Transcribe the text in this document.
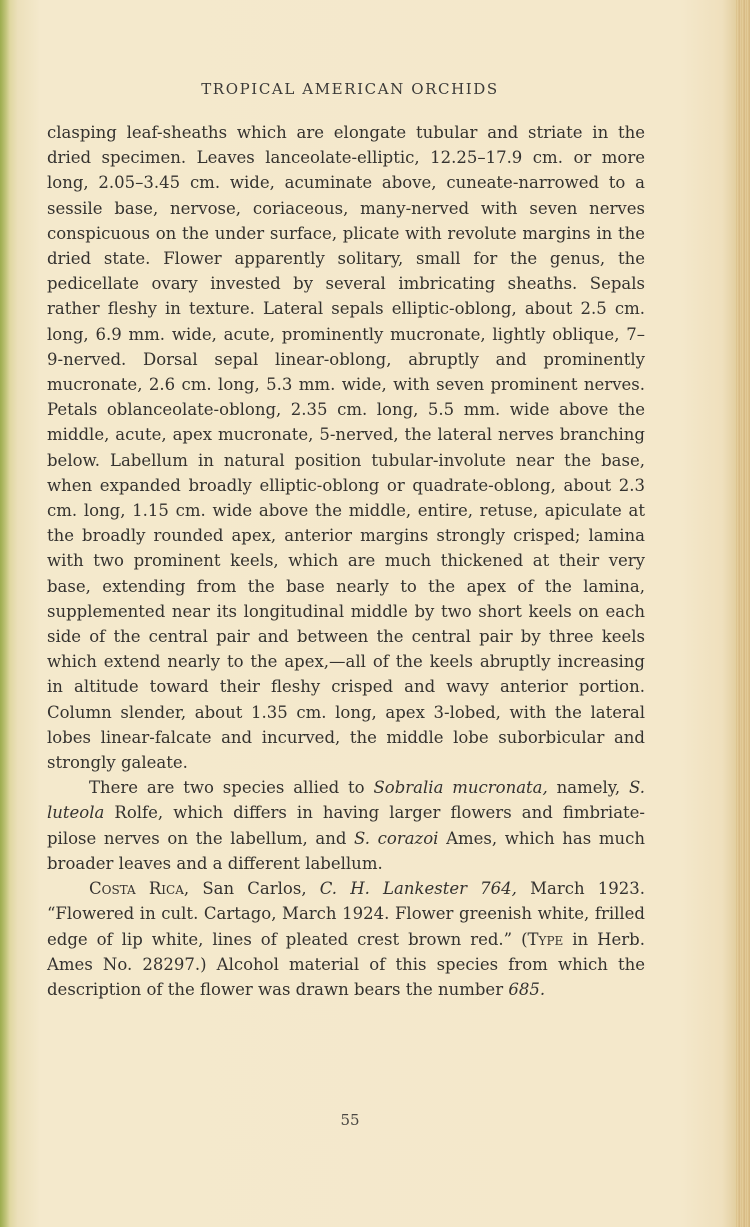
TROPICAL AMERICAN ORCHIDS

clasping leaf-sheaths which are elongate tubular and striate in the dried specimen. Leaves lanceolate-elliptic, 12.25–17.9 cm. or more long, 2.05–3.45 cm. wide, acuminate above, cuneate-narrowed to a sessile base, nervose, coriaceous, many-nerved with seven nerves conspicuous on the under surface, plicate with revolute margins in the dried state. Flower apparently solitary, small for the genus, the pedicellate ovary invested by several imbricating sheaths. Sepals rather fleshy in texture. Lateral sepals elliptic-oblong, about 2.5 cm. long, 6.9 mm. wide, acute, prominently mucronate, lightly oblique, 7–9-nerved. Dorsal sepal linear-oblong, abruptly and prominently mucronate, 2.6 cm. long, 5.3 mm. wide, with seven prominent nerves. Petals oblanceolate-oblong, 2.35 cm. long, 5.5 mm. wide above the middle, acute, apex mucronate, 5-nerved, the lateral nerves branching below. Labellum in natural position tubular-involute near the base, when expanded broadly elliptic-oblong or quadrate-oblong, about 2.3 cm. long, 1.15 cm. wide above the middle, entire, retuse, apiculate at the broadly rounded apex, anterior margins strongly crisped; lamina with two prominent keels, which are much thickened at their very base, extending from the base nearly to the apex of the lamina, supplemented near its longitudinal middle by two short keels on each side of the central pair and between the central pair by three keels which extend nearly to the apex,—all of the keels abruptly increasing in altitude toward their fleshy crisped and wavy anterior portion. Column slender, about 1.35 cm. long, apex 3-lobed, with the lateral lobes linear-falcate and incurved, the middle lobe suborbicular and strongly galeate.

There are two species allied to Sobralia mucronata, namely, S. luteola Rolfe, which differs in having larger flowers and fimbriate-pilose nerves on the labellum, and S. corazoi Ames, which has much broader leaves and a different labellum.

Costa Rica, San Carlos, C. H. Lankester 764, March 1923. “Flowered in cult. Cartago, March 1924. Flower greenish white, frilled edge of lip white, lines of pleated crest brown red.” (Type in Herb. Ames No. 28297.) Alcohol material of this species from which the description of the flower was drawn bears the number 685.

55
